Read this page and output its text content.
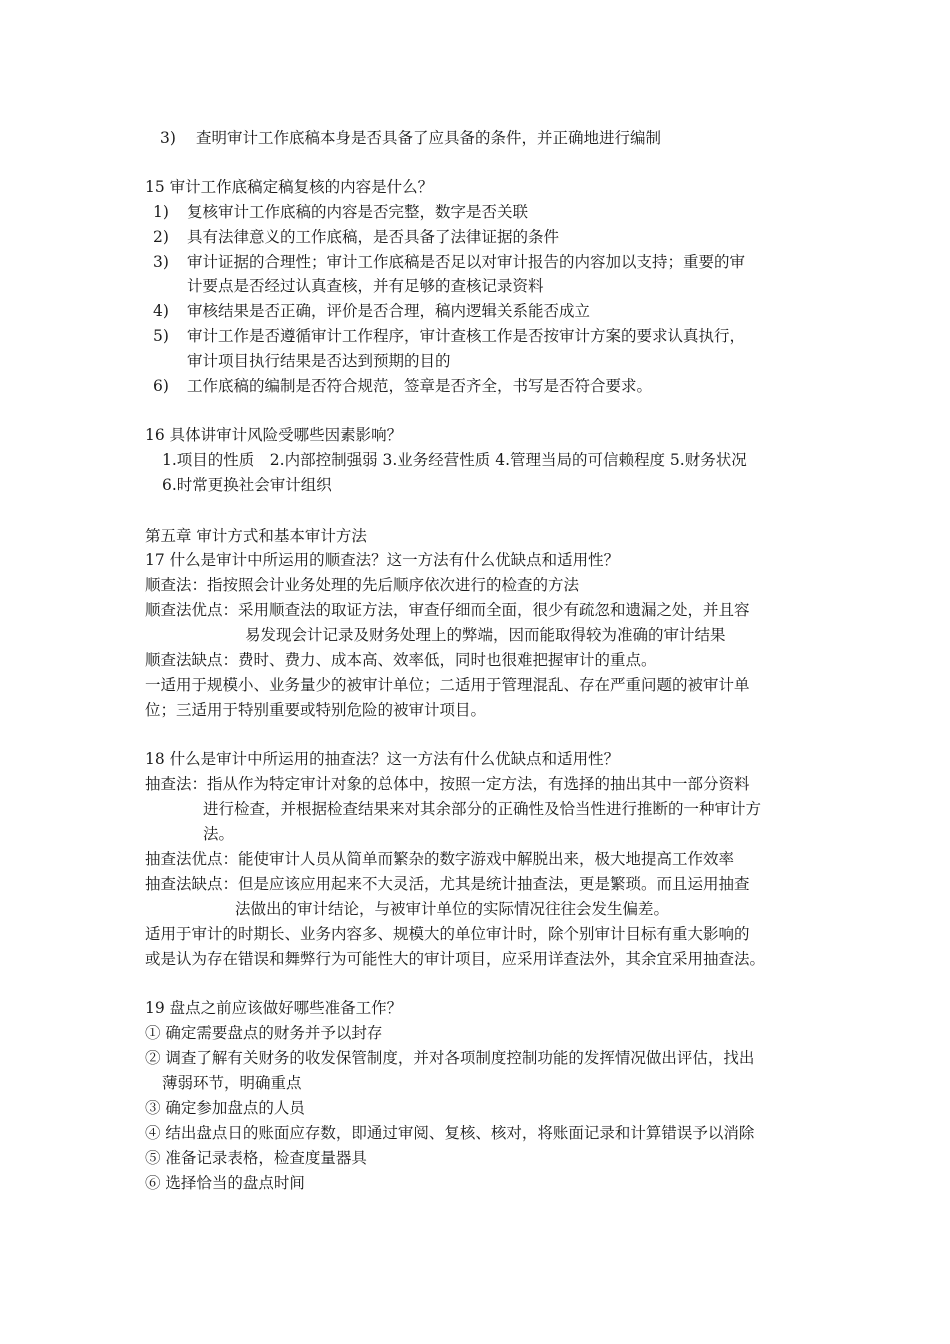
3) 查明审计工作底稿本身是否具备了应具备的条件，并正确地进行编制
15 审计工作底稿定稿复核的内容是什么？
1) 复核审计工作底稿的内容是否完整，数字是否关联
2) 具有法律意义的工作底稿，是否具备了法律证据的条件
3) 审计证据的合理性；审计工作底稿是否足以对审计报告的内容加以支持；重要的审
计要点是否经过认真查核，并有足够的查核记录资料
4) 审核结果是否正确，评价是否合理，稿内逻辑关系能否成立
5) 审计工作是否遵循审计工作程序，审计查核工作是否按审计方案的要求认真执行，
审计项目执行结果是否达到预期的目的
6) 工作底稿的编制是否符合规范，签章是否齐全，书写是否符合要求。
16 具体讲审计风险受哪些因素影响？
1.项目的性质　2.内部控制强弱 3.业务经营性质 4.管理当局的可信赖程度 5.财务状况
6.时常更换社会审计组织
第五章 审计方式和基本审计方法
17 什么是审计中所运用的顺查法？这一方法有什么优缺点和适用性？
顺查法：指按照会计业务处理的先后顺序依次进行的检查的方法
顺查法优点：采用顺查法的取证方法，审查仔细而全面，很少有疏忽和遗漏之处，并且容
易发现会计记录及财务处理上的弊端，因而能取得较为准确的审计结果
顺查法缺点：费时、费力、成本高、效率低，同时也很难把握审计的重点。
一适用于规模小、业务量少的被审计单位；二适用于管理混乱、存在严重问题的被审计单
位；三适用于特别重要或特别危险的被审计项目。
18 什么是审计中所运用的抽查法？这一方法有什么优缺点和适用性？
抽查法：指从作为特定审计对象的总体中，按照一定方法，有选择的抽出其中一部分资料
进行检查，并根据检查结果来对其余部分的正确性及恰当性进行推断的一种审计方
法。
抽查法优点：能使审计人员从简单而繁杂的数字游戏中解脱出来，极大地提高工作效率
抽查法缺点：但是应该应用起来不大灵活，尤其是统计抽查法，更是繁琐。而且运用抽查
法做出的审计结论，与被审计单位的实际情况往往会发生偏差。
适用于审计的时期长、业务内容多、规模大的单位审计时，除个别审计目标有重大影响的
或是认为存在错误和舞弊行为可能性大的审计项目，应采用详查法外，其余宜采用抽查法。
19 盘点之前应该做好哪些准备工作？
① 确定需要盘点的财务并予以封存
② 调查了解有关财务的收发保管制度，并对各项制度控制功能的发挥情况做出评估，找出
薄弱环节，明确重点
③ 确定参加盘点的人员
④ 结出盘点日的账面应存数，即通过审阅、复核、核对，将账面记录和计算错误予以消除
⑤ 准备记录表格，检查度量器具
⑥ 选择恰当的盘点时间
